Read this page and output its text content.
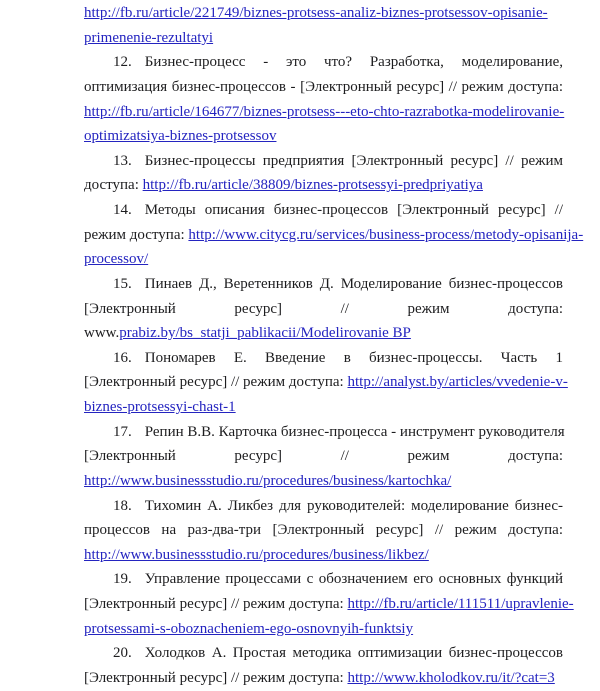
http://fb.ru/article/221749/biznes-protsess-analiz-biznes-protsessov-opisanie-
primenenie-rezultatyi
12. Бизнес-процесс - это что? Разработка, моделирование,
оптимизация бизнес-процессов - [Электронный ресурс] // режим доступа:
http://fb.ru/article/164677/biznes-protsess---eto-chto-razrabotka-modelirovanie-
optimizatsiya-biznes-protsessov
13. Бизнес-процессы предприятия [Электронный ресурс] // режим
доступа: http://fb.ru/article/38809/biznes-protsessyi-predpriyatiya
14. Методы описания бизнес-процессов [Электронный ресурс] //
режим доступа: http://www.citycg.ru/services/business-process/metody-opisanija-
processov/
15. Пинаев Д., Веретенников Д. Моделирование бизнес-процессов
[Электронный ресурс] // режим доступа:
www.prabiz.by/bs_statji_pablikacii/Modelirovanie BP
16. Пономарев Е. Введение в бизнес-процессы. Часть 1
[Электронный ресурс] // режим доступа: http://analyst.by/articles/vvedenie-v-
biznes-protsessyi-chast-1
17. Репин В.В. Карточка бизнес-процесса - инструмент руководителя
[Электронный ресурс] // режим доступа:
http://www.businessstudio.ru/procedures/business/kartochka/
18. Тихомин А. Ликбез для руководителей: моделирование бизнес-
процессов на раз-два-три [Электронный ресурс] // режим доступа:
http://www.businessstudio.ru/procedures/business/likbez/
19. Управление процессами с обозначением его основных функций
[Электронный ресурс] // режим доступа: http://fb.ru/article/111511/upravlenie-
protsessami-s-oboznacheniem-ego-osnovnyih-funktsiy
20. Холодков А. Простая методика оптимизации бизнес-процессов
[Электронный ресурс] // режим доступа: http://www.kholodkov.ru/it/?cat=3
